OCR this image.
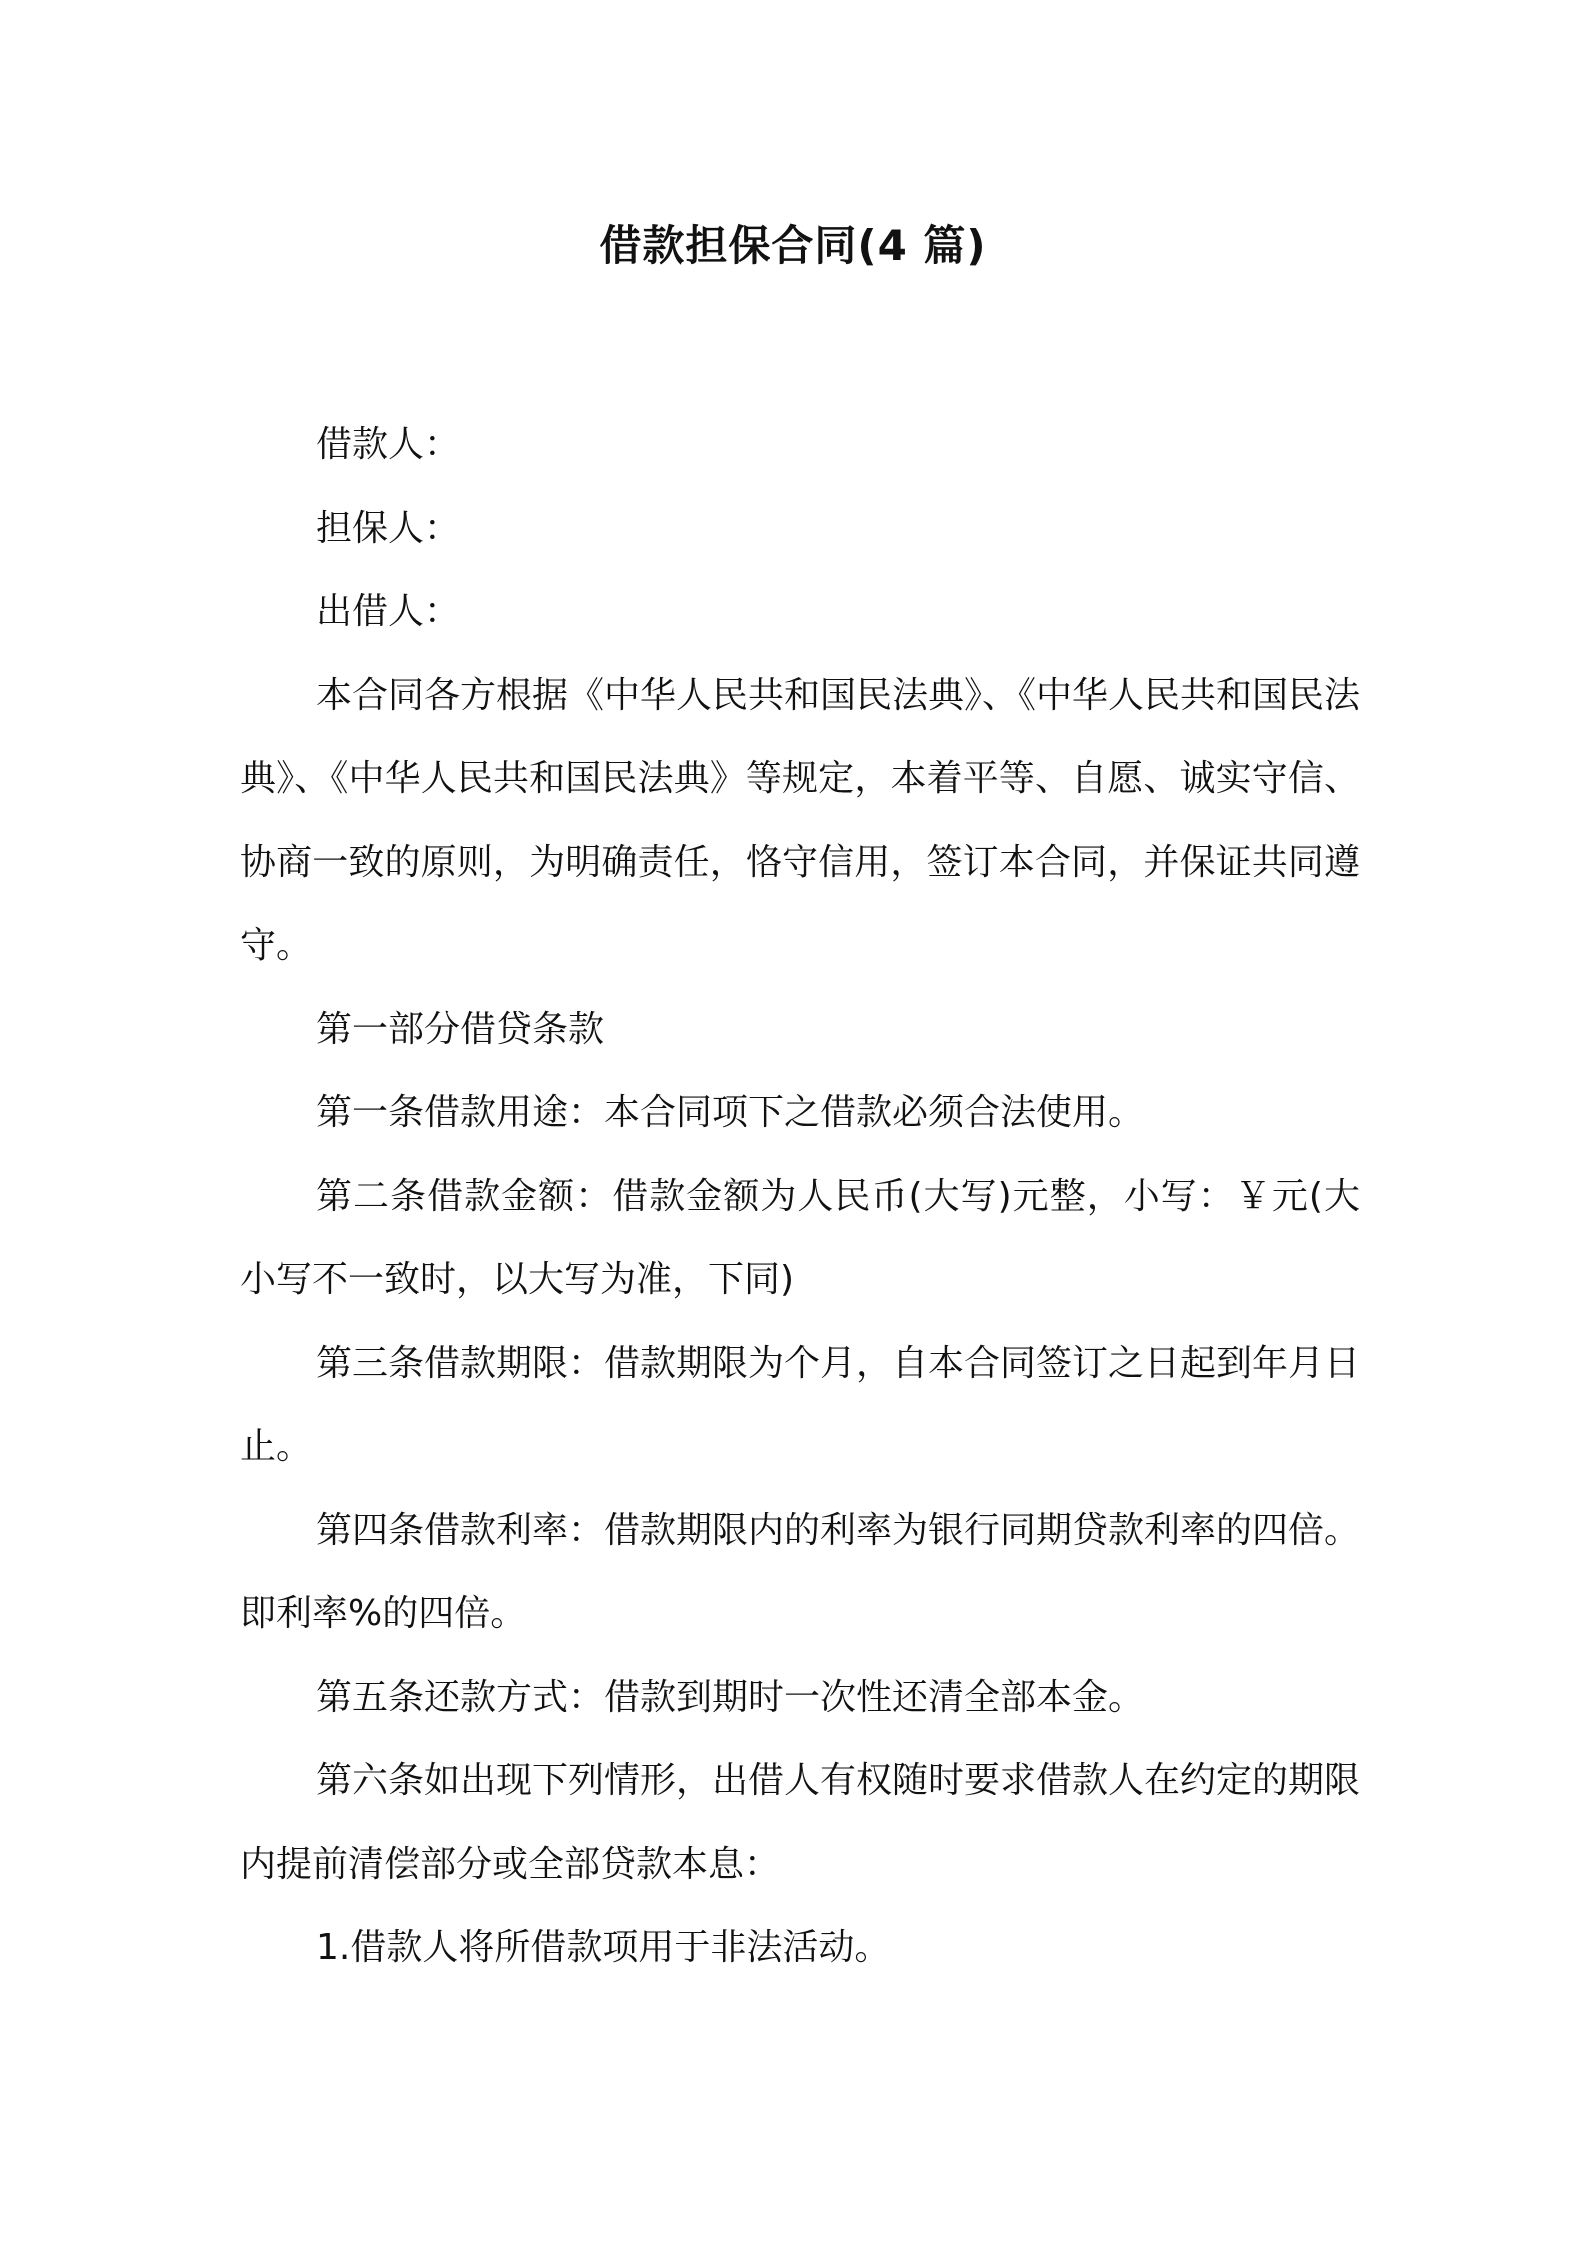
借款担保合同(4 篇)

借款人：

担保人：

出借人：

本合同各方根据《中华人民共和国民法典》、《中华人民共和国民法典》、《中华人民共和国民法典》等规定，本着平等、自愿、诚实守信、协商一致的原则，为明确责任，恪守信用，签订本合同，并保证共同遵守。

第一部分借贷条款

第一条借款用途：本合同项下之借款必须合法使用。

第二条借款金额：借款金额为人民币(大写)元整，小写：￥元(大小写不一致时，以大写为准，下同)

第三条借款期限：借款期限为个月，自本合同签订之日起到年月日止。

第四条借款利率：借款期限内的利率为银行同期贷款利率的四倍。即利率%的四倍。

第五条还款方式：借款到期时一次性还清全部本金。

第六条如出现下列情形，出借人有权随时要求借款人在约定的期限内提前清偿部分或全部贷款本息：

1.借款人将所借款项用于非法活动。
